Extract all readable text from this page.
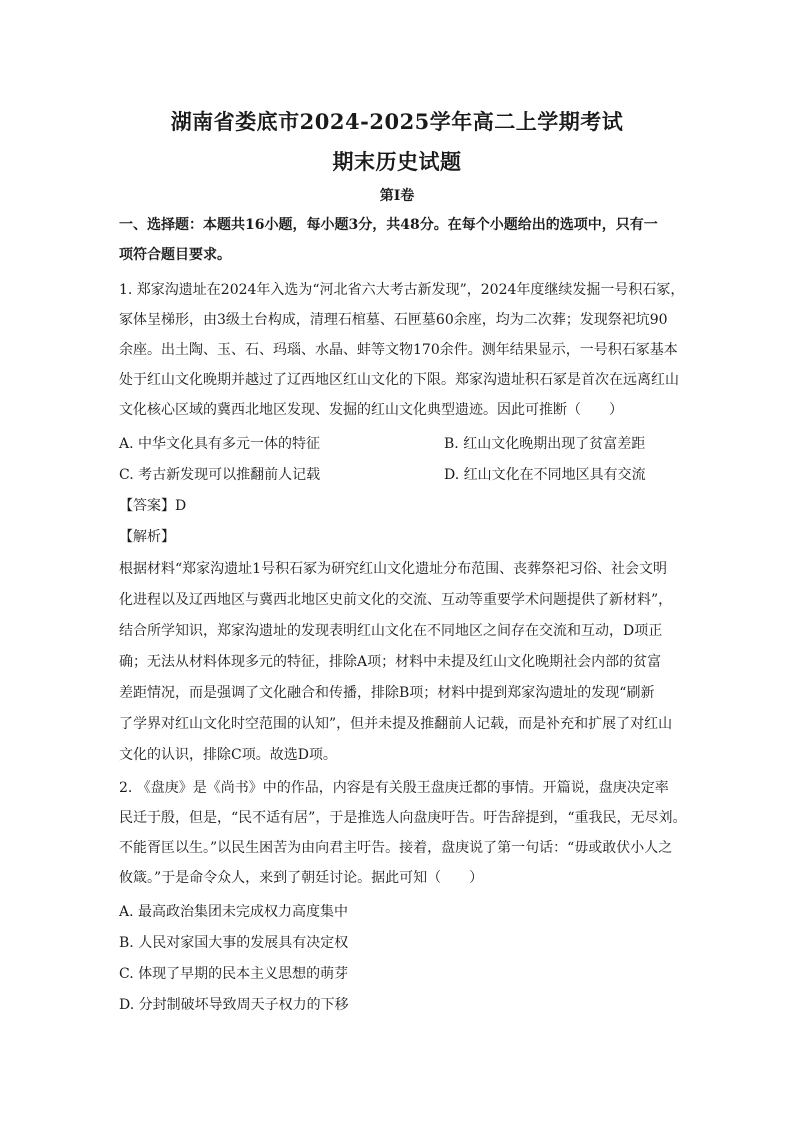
湖南省娄底市2024-2025学年高二上学期考试
期末历史试题
第Ⅰ卷
一、选择题：本题共16小题，每小题3分，共48分。在每个小题给出的选项中，只有一
项符合题目要求。
1. 郑家沟遗址在2024年入选为“河北省六大考古新发现”，2024年度继续发掘一号积石冢，
冢体呈梯形，由3级土台构成，清理石棺墓、石匣墓60余座，均为二次葬；发现祭祀坑90
余座。出土陶、玉、石、玛瑙、水晶、蚌等文物170余件。测年结果显示，一号积石冢基本
处于红山文化晚期并越过了辽西地区红山文化的下限。郑家沟遗址积石冢是首次在远离红山
文化核心区域的冀西北地区发现、发掘的红山文化典型遗迹。因此可推断（　　）
A. 中华文化具有多元一体的特征	B. 红山文化晚期出现了贫富差距
C. 考古新发现可以推翻前人记载	D. 红山文化在不同地区具有交流
【答案】D
【解析】
根据材料“郑家沟遗址1号积石冢为研究红山文化遗址分布范围、丧葬祭祀习俗、社会文明
化进程以及辽西地区与冀西北地区史前文化的交流、互动等重要学术问题提供了新材料”，
结合所学知识，郑家沟遗址的发现表明红山文化在不同地区之间存在交流和互动，D项正
确；无法从材料体现多元的特征，排除A项；材料中未提及红山文化晚期社会内部的贫富
差距情况，而是强调了文化融合和传播，排除B项；材料中提到郑家沟遗址的发现“刷新
了学界对红山文化时空范围的认知”，但并未提及推翻前人记载，而是补充和扩展了对红山
文化的认识，排除C项。故选D项。
2. 《盘庚》是《尚书》中的作品，内容是有关殷王盘庚迁都的事情。开篇说，盘庚决定率
民迁于殷，但是，“民不适有居”，于是推选人向盘庚吁告。吁告辞提到，“重我民，无尽刘。
不能胥匡以生。”以民生困苦为由向君主吁告。接着，盘庚说了第一句话：“毋或敢伏小人之
攸箴。”于是命令众人，来到了朝廷讨论。据此可知（　　）
A. 最高政治集团未完成权力高度集中
B. 人民对家国大事的发展具有决定权
C. 体现了早期的民本主义思想的萌芽
D. 分封制破坏导致周天子权力的下移
